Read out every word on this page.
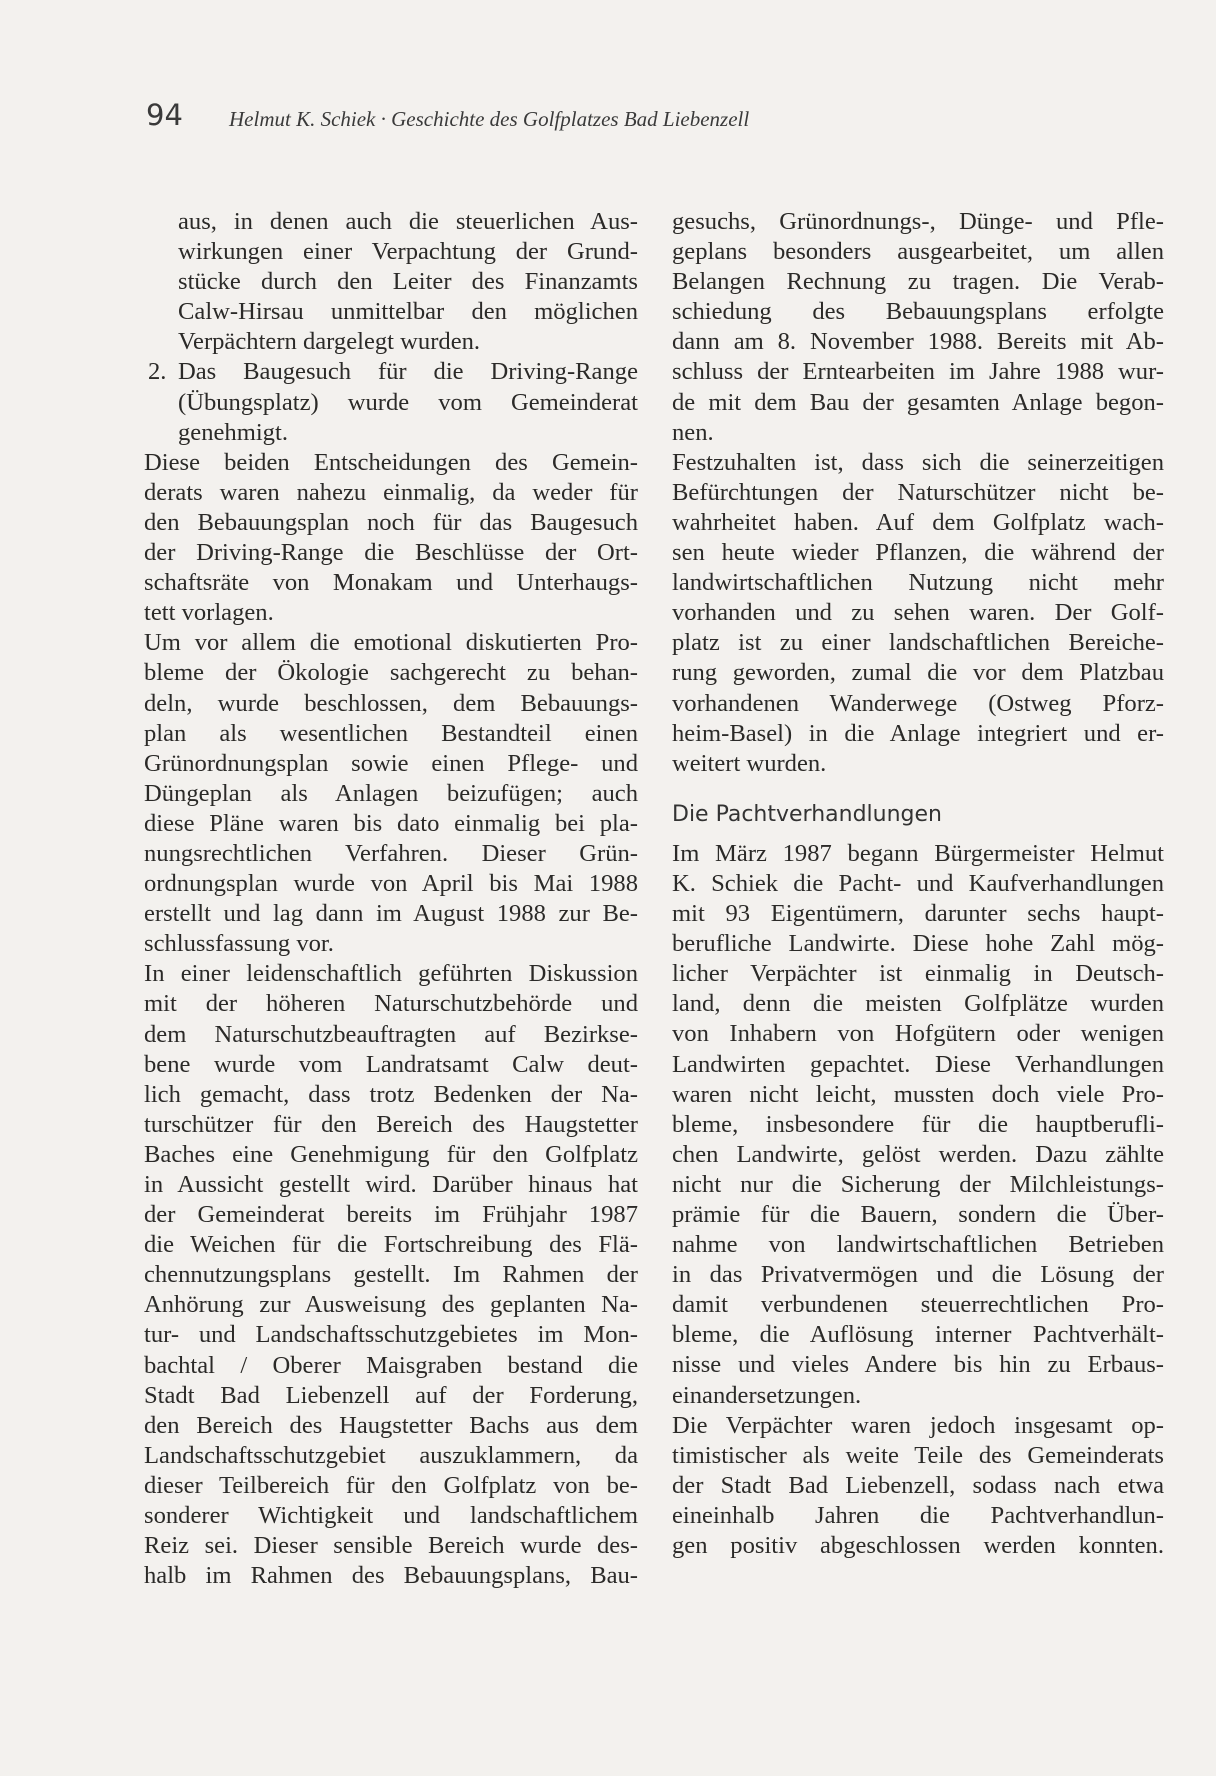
94 Helmut K. Schiek · Geschichte des Golfplatzes Bad Liebenzell
aus, in denen auch die steuerlichen Aus-
wirkungen einer Verpachtung der Grund-
stücke durch den Leiter des Finanzamts
Calw-Hirsau unmittelbar den möglichen
Verpächtern dargelegt wurden.
2. Das Baugesuch für die Driving-Range
(Übungsplatz) wurde vom Gemeinderat
genehmigt.
Diese beiden Entscheidungen des Gemein-
derats waren nahezu einmalig, da weder für
den Bebauungsplan noch für das Baugesuch
der Driving-Range die Beschlüsse der Ort-
schaftsräte von Monakam und Unterhaugs-
tett vorlagen.
Um vor allem die emotional diskutierten Pro-
bleme der Ökologie sachgerecht zu behan-
deln, wurde beschlossen, dem Bebauungs-
plan als wesentlichen Bestandteil einen
Grünordnungsplan sowie einen Pflege- und
Düngeplan als Anlagen beizufügen; auch
diese Pläne waren bis dato einmalig bei pla-
nungsrechtlichen Verfahren. Dieser Grün-
ordnungsplan wurde von April bis Mai 1988
erstellt und lag dann im August 1988 zur Be-
schlussfassung vor.
In einer leidenschaftlich geführten Diskussion
mit der höheren Naturschutzbehörde und
dem Naturschutzbeauftragten auf Bezirkse-
bene wurde vom Landratsamt Calw deut-
lich gemacht, dass trotz Bedenken der Na-
turschützer für den Bereich des Haugstetter
Baches eine Genehmigung für den Golfplatz
in Aussicht gestellt wird. Darüber hinaus hat
der Gemeinderat bereits im Frühjahr 1987
die Weichen für die Fortschreibung des Flä-
chennutzungsplans gestellt. Im Rahmen der
Anhörung zur Ausweisung des geplanten Na-
tur- und Landschaftsschutzgebietes im Mon-
bachtal / Oberer Maisgraben bestand die
Stadt Bad Liebenzell auf der Forderung,
den Bereich des Haugstetter Bachs aus dem
Landschaftsschutzgebiet auszuklammern, da
dieser Teilbereich für den Golfplatz von be-
sonderer Wichtigkeit und landschaftlichem
Reiz sei. Dieser sensible Bereich wurde des-
halb im Rahmen des Bebauungsplans, Bau-
gesuchs, Grünordnungs-, Dünge- und Pfle-
geplans besonders ausgearbeitet, um allen
Belangen Rechnung zu tragen. Die Verab-
schiedung des Bebauungsplans erfolgte
dann am 8. November 1988. Bereits mit Ab-
schluss der Erntearbeiten im Jahre 1988 wur-
de mit dem Bau der gesamten Anlage begon-
nen.
Festzuhalten ist, dass sich die seinerzeitigen
Befürchtungen der Naturschützer nicht be-
wahrheitet haben. Auf dem Golfplatz wach-
sen heute wieder Pflanzen, die während der
landwirtschaftlichen Nutzung nicht mehr
vorhanden und zu sehen waren. Der Golf-
platz ist zu einer landschaftlichen Bereiche-
rung geworden, zumal die vor dem Platzbau
vorhandenen Wanderwege (Ostweg Pforz-
heim-Basel) in die Anlage integriert und er-
weitert wurden.
Die Pachtverhandlungen
Im März 1987 begann Bürgermeister Helmut
K. Schiek die Pacht- und Kaufverhandlungen
mit 93 Eigentümern, darunter sechs haupt-
berufliche Landwirte. Diese hohe Zahl mög-
licher Verpächter ist einmalig in Deutsch-
land, denn die meisten Golfplätze wurden
von Inhabern von Hofgütern oder wenigen
Landwirten gepachtet. Diese Verhandlungen
waren nicht leicht, mussten doch viele Pro-
bleme, insbesondere für die hauptberufli-
chen Landwirte, gelöst werden. Dazu zählte
nicht nur die Sicherung der Milchleistungs-
prämie für die Bauern, sondern die Über-
nahme von landwirtschaftlichen Betrieben
in das Privatvermögen und die Lösung der
damit verbundenen steuerrechtlichen Pro-
bleme, die Auflösung interner Pachtverhält-
nisse und vieles Andere bis hin zu Erbaus-
einandersetzungen.
Die Verpächter waren jedoch insgesamt op-
timistischer als weite Teile des Gemeinderats
der Stadt Bad Liebenzell, sodass nach etwa
eineinhalb Jahren die Pachtverhandlun-
gen positiv abgeschlossen werden konnten.
